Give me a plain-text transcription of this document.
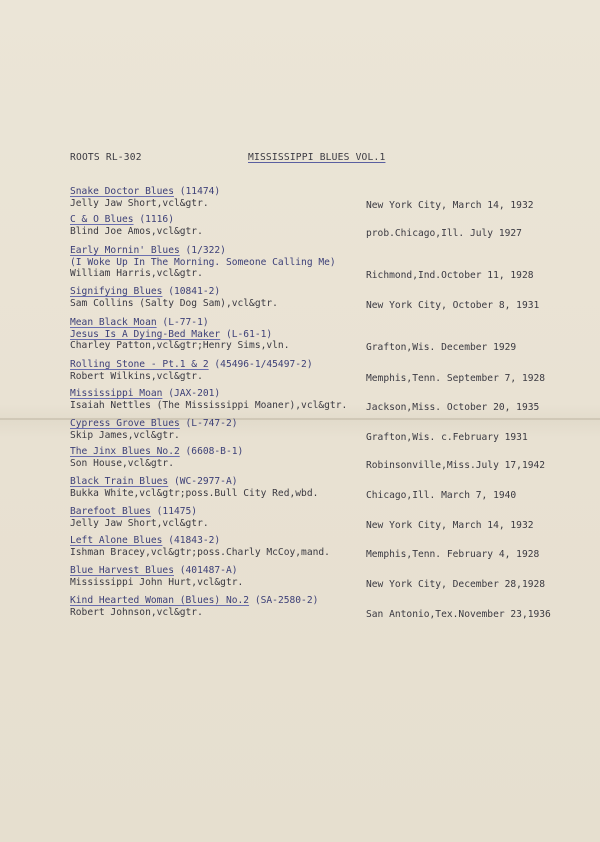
ROOTS RL-302	MISSISSIPPI BLUES VOL.1
Snake Doctor Blues (11474)
Jelly Jaw Short,vcl&gtr.	New York City, March 14, 1932
C & O Blues (1116)
Blind Joe Amos,vcl&gtr.	prob.Chicago,Ill. July 1927
Early Mornin' Blues (1/322)
(I Woke Up In The Morning. Someone Calling Me)
William Harris,vcl&gtr.	Richmond,Ind.October 11, 1928
Signifying Blues (10841-2)
Sam Collins (Salty Dog Sam),vcl&gtr.	New York City, October 8, 1931
Mean Black Moan (L-77-1)
Jesus Is A Dying-Bed Maker (L-61-1)
Charley Patton,vcl&gtr;Henry Sims,vln.	Grafton,Wis. December 1929
Rolling Stone - Pt.1 & 2 (45496-1/45497-2)
Robert Wilkins,vcl&gtr.	Memphis,Tenn. September 7, 1928
Mississippi Moan (JAX-201)
Isaiah Nettles (The Mississippi Moaner),vcl&gtr.	Jackson,Miss. October 20, 1935
Cypress Grove Blues (L-747-2)
Skip James,vcl&gtr.	Grafton,Wis. c.February 1931
The Jinx Blues No.2 (6608-B-1)
Son House,vcl&gtr.	Robinsonville,Miss.July 17,1942
Black Train Blues (WC-2977-A)
Bukka White,vcl&gtr;poss.Bull City Red,wbd.	Chicago,Ill. March 7, 1940
Barefoot Blues (11475)
Jelly Jaw Short,vcl&gtr.	New York City, March 14, 1932
Left Alone Blues (41843-2)
Ishman Bracey,vcl&gtr;poss.Charly McCoy,mand.	Memphis,Tenn. February 4, 1928
Blue Harvest Blues (401487-A)
Mississippi John Hurt,vcl&gtr.	New York City, December 28,1928
Kind Hearted Woman (Blues) No.2 (SA-2580-2)
Robert Johnson,vcl&gtr.	San Antonio,Tex.November 23,1936
